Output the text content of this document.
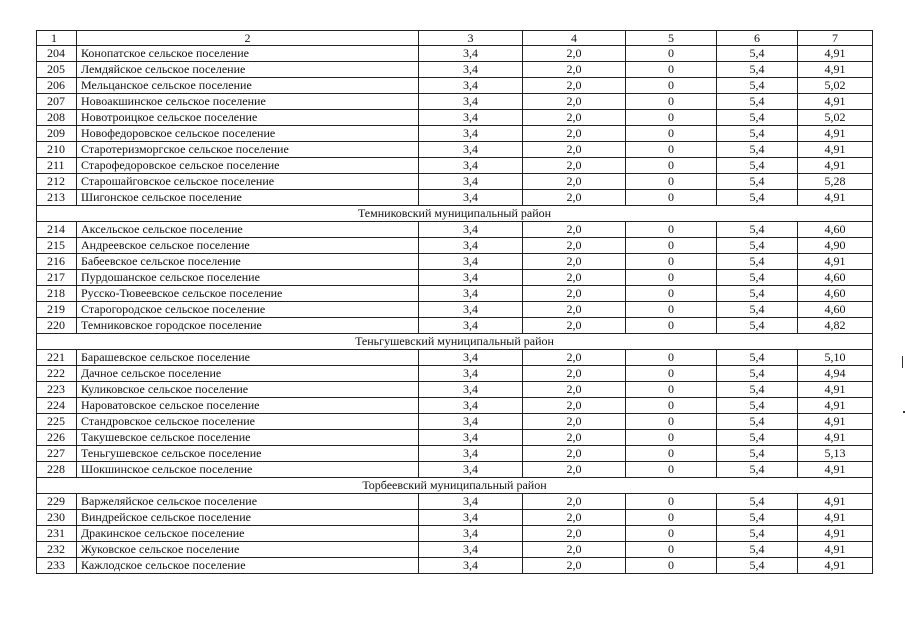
1	2	3	4	5	6	7
204	Конопатское сельское поселение	3,4	2,0	0	5,4	4,91
205	Лемдяйское сельское поселение	3,4	2,0	0	5,4	4,91
206	Мельцанское сельское поселение	3,4	2,0	0	5,4	5,02
207	Новоакшинское сельское поселение	3,4	2,0	0	5,4	4,91
208	Новотроицкое сельское поселение	3,4	2,0	0	5,4	5,02
209	Новофедоровское сельское поселение	3,4	2,0	0	5,4	4,91
210	Старотеризморгское сельское поселение	3,4	2,0	0	5,4	4,91
211	Старофедоровское сельское поселение	3,4	2,0	0	5,4	4,91
212	Старошайговское сельское поселение	3,4	2,0	0	5,4	5,28
213	Шигонское сельское поселение	3,4	2,0	0	5,4	4,91
Темниковский муниципальный район						
214	Аксельское сельское поселение	3,4	2,0	0	5,4	4,60
215	Андреевское сельское поселение	3,4	2,0	0	5,4	4,90
216	Бабеевское сельское поселение	3,4	2,0	0	5,4	4,91
217	Пурдошанское сельское поселение	3,4	2,0	0	5,4	4,60
218	Русско-Тювеевское сельское поселение	3,4	2,0	0	5,4	4,60
219	Старогородское сельское поселение	3,4	2,0	0	5,4	4,60
220	Темниковское городское поселение	3,4	2,0	0	5,4	4,82
Теньгушевский муниципальный район						
221	Барашевское сельское поселение	3,4	2,0	0	5,4	5,10
222	Дачное сельское поселение	3,4	2,0	0	5,4	4,94
223	Куликовское сельское поселение	3,4	2,0	0	5,4	4,91
224	Нароватовское сельское поселение	3,4	2,0	0	5,4	4,91
225	Стандровское сельское поселение	3,4	2,0	0	5,4	4,91
226	Такушевское сельское поселение	3,4	2,0	0	5,4	4,91
227	Теньгушевское сельское поселение	3,4	2,0	0	5,4	5,13
228	Шокшинское сельское поселение	3,4	2,0	0	5,4	4,91
Торбеевский муниципальный район						
229	Варжеляйское сельское поселение	3,4	2,0	0	5,4	4,91
230	Виндрейское сельское поселение	3,4	2,0	0	5,4	4,91
231	Дракинское сельское поселение	3,4	2,0	0	5,4	4,91
232	Жуковское сельское поселение	3,4	2,0	0	5,4	4,91
233	Кажлодское сельское поселение	3,4	2,0	0	5,4	4,91
